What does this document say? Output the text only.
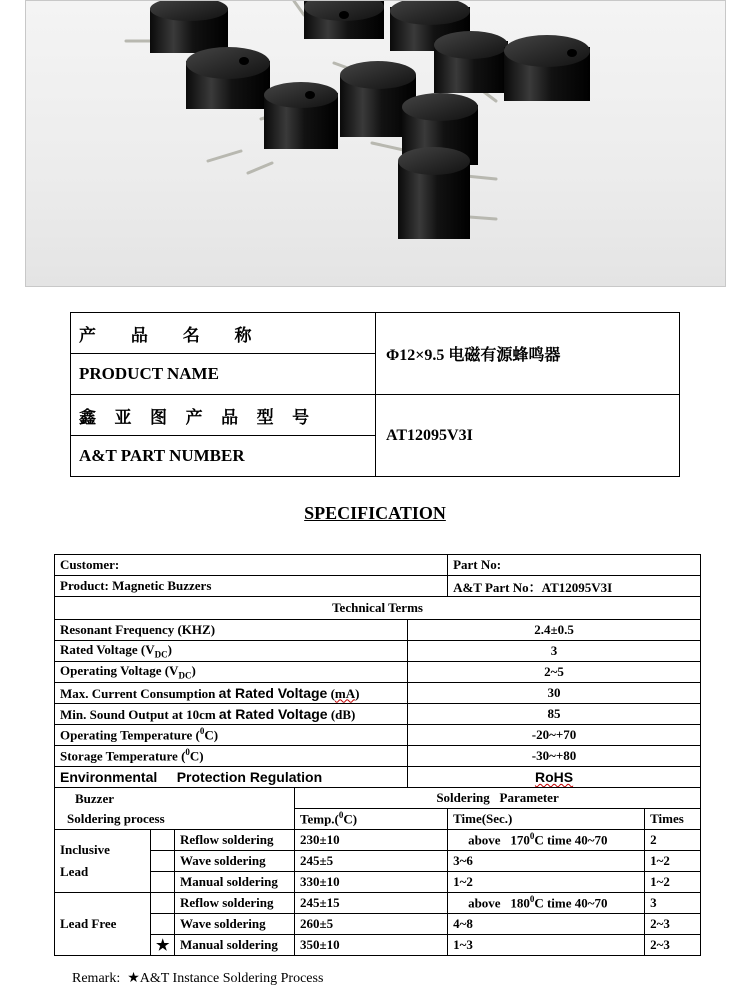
产 品 名 称	Φ12×9.5 电磁有源蜂鸣器
PRODUCT NAME	
鑫 亚 图 产 品 型 号	AT12095V3I
A&T PART NUMBER	
SPECIFICATION
Customer:					Part No:	
Product: Magnetic Buzzers					A&T Part No：AT12095V3I	
Technical Terms						
Resonant Frequency (KHZ)				2.4±0.5		
Rated Voltage $(V_{DC})$				3		
Operating Voltage $(V_{DC})$				2~5		
Max. Current Consumption at Rated Voltage (mA)				30		
Min. Sound Output at 10cm at Rated Voltage (dB)				85		
Operating Temperature ($^0$C)				-20~+70		
Storage Temperature ($^0$C)				-30~+80		
Environmental Protection Regulation				RoHS		

Buzzer
Soldering process			Soldering   Parameter			
			Temp.($^0$C)		Time(Sec.)	Times

Inclusive
Lead		Reflow soldering	230±10		above   $170^0C$ time 40~70	2
		Wave soldering	245±5		3~6	1~2
		Manual soldering	330±10		1~2	1~2
Lead Free		Reflow soldering	245±15		above   $180^0C$ time 40~70	3
		Wave soldering	260±5		4~8	2~3
	★	Manual soldering	350±10		1~3	2~3
Remark:  ★A&T Instance Soldering Process
